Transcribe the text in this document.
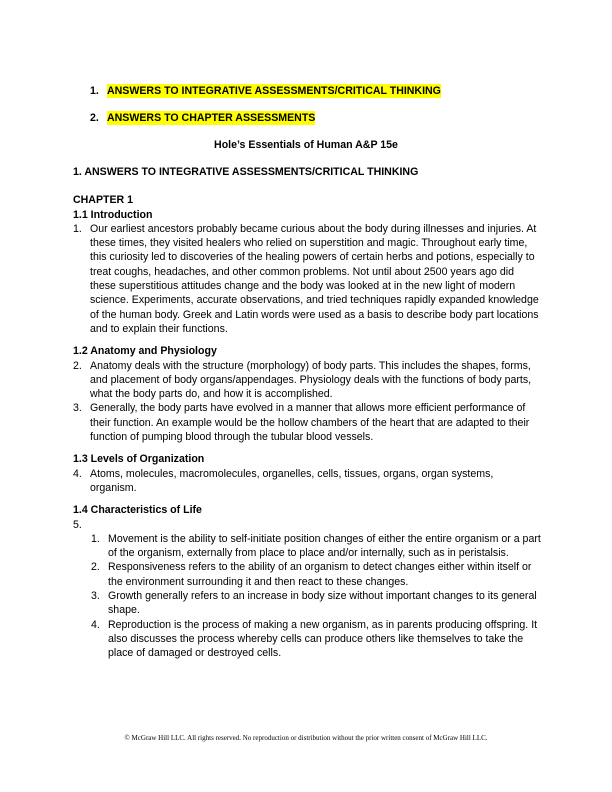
1. ANSWERS TO INTEGRATIVE ASSESSMENTS/CRITICAL THINKING
2. ANSWERS TO CHAPTER ASSESSMENTS
Hole’s Essentials of Human A&P 15e
1. ANSWERS TO INTEGRATIVE ASSESSMENTS/CRITICAL THINKING
CHAPTER 1
1.1 Introduction
1. Our earliest ancestors probably became curious about the body during illnesses and injuries. At these times, they visited healers who relied on superstition and magic. Throughout early time, this curiosity led to discoveries of the healing powers of certain herbs and potions, especially to treat coughs, headaches, and other common problems. Not until about 2500 years ago did these superstitious attitudes change and the body was looked at in the new light of modern science. Experiments, accurate observations, and tried techniques rapidly expanded knowledge of the human body. Greek and Latin words were used as a basis to describe body part locations and to explain their functions.
1.2 Anatomy and Physiology
2. Anatomy deals with the structure (morphology) of body parts. This includes the shapes, forms, and placement of body organs/appendages. Physiology deals with the functions of body parts, what the body parts do, and how it is accomplished.
3. Generally, the body parts have evolved in a manner that allows more efficient performance of their function. An example would be the hollow chambers of the heart that are adapted to their function of pumping blood through the tubular blood vessels.
1.3 Levels of Organization
4. Atoms, molecules, macromolecules, organelles, cells, tissues, organs, organ systems, organism.
1.4 Characteristics of Life
5.
1. Movement is the ability to self-initiate position changes of either the entire organism or a part of the organism, externally from place to place and/or internally, such as in peristalsis.
2. Responsiveness refers to the ability of an organism to detect changes either within itself or the environment surrounding it and then react to these changes.
3. Growth generally refers to an increase in body size without important changes to its general shape.
4. Reproduction is the process of making a new organism, as in parents producing offspring. It also discusses the process whereby cells can produce others like themselves to take the place of damaged or destroyed cells.
© McGraw Hill LLC. All rights reserved. No reproduction or distribution without the prior written consent of McGraw Hill LLC.
